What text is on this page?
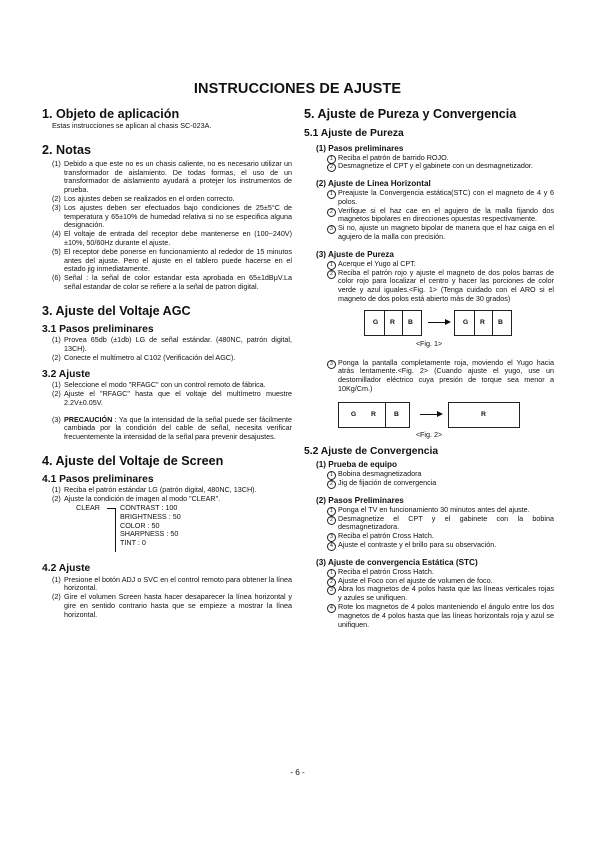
INSTRUCCIONES DE AJUSTE
1. Objeto de aplicación
Estas instrucciones se aplican al chasis SC-023A.
2. Notas
(1) Debido a que este no es un chasis caliente, no es necesario utilizar un transformador de aislamiento. De todas formas, el uso de un transformador de aislamiento ayudará a protejer los instrumentos de prueba.
(2) Los ajustes deben se realizados en el orden correcto.
(3) Los ajustes deben ser efectuados bajo condiciones de 25±5°C de temperatura y 65±10% de humedad relativa si no se especifica alguna designación.
(4) El voltaje de entrada del receptor debe mantenerse en (100~240V)±10%, 50/60Hz durante el ajuste.
(5) El receptor debe ponerse en funcionamiento al rededor de 15 minutos antes del ajuste. Pero el ajuste en el tablero puede hacerse en el estado jig inmediatamente.
(6) Señal : la señal de color estandar esta aprobada en 65±1dBμV.La señal estandar de color se refiere a la señal de patron digital.
3. Ajuste del Voltaje AGC
3.1 Pasos preliminares
(1) Provea 65db (±1db) LG de señal estándar. (480NC, patrón digital, 13CH).
(2) Conecte el multímetro al C102 (Verificación del AGC).
3.2 Ajuste
(1) Seleccione el modo "RFAGC" con un control remoto de fábrica.
(2) Ajuste el "RFAGC" hasta que el voltaje del multímetro muestre 2.2V±0.05V.
(3) PRECAUCIÓN : Ya que la intensidad de la señal puede ser fácilmente cambiada por la condición del cable de señal, necesita verificar frecuentemente la intensidad de la señal para prevenir desajustes.
4. Ajuste del Voltaje de Screen
4.1 Pasos preliminares
(1) Reciba el patrón estándar LG (patrón digital, 480NC, 13CH).
(2) Ajuste la condición de imagen al modo "CLEAR".
CLEAR	CONTRAST : 100
BRIGHTNESS : 50
COLOR : 50
SHARPNESS : 50
TINT : 0
4.2 Ajuste
(1) Presione el botón ADJ o SVC en el control remoto para obtener la línea horizontal.
(2) Gire el volumen Screen hasta hacer desaparecer la línea horizontal y gire en sentido contrario hasta que se empieze a mostrar la línea horizontal.
5. Ajuste de Pureza y Convergencia
5.1 Ajuste de Pureza
(1) Pasos preliminares
1 Reciba el patrón de barrido ROJO.
2 Desmagnetize el CPT y el gabinete con un desmagnetizador.
(2) Ajuste de Línea Horizontal
1 Preajuste la Convergencia estática(STC) con el magneto de 4 y 6 polos.
2 Verifique si el haz cae en el agujero de la malla fijando dos magnetos bipolares en direcciones opuestas respectivamente.
3 Si no, ajuste un magneto bipolar de manera que el haz caiga en el agujero de la malla con precisión.
(3) Ajuste de Pureza
1 Acerque el Yugo al CPT.
2 Reciba el patrón rojo y ajuste el magneto de dos polos barras de color rojo para localizar el centro y hacer las porciones de color verde y azul iguales.<Fig. 1> (Tenga cuidado con el ARO si el magneto de dos polos está abierto más de 30 grados)
G	R	B	G	R	B
<Fig. 1>
3 Ponga la pantalla completamente roja, moviendo el Yugo hacia atrás lentamente.<Fig. 2> (Cuando ajuste el yugo, use un destornillador eléctrico cuya presión de torque sea menor a 10Kg/Cm.)
G	R	B	R
<Fig. 2>
5.2 Ajuste de Convergencia
(1) Prueba de equipo
1 Bobina desmagnetizadora
2 Jig de fijación de convergencia
(2) Pasos Preliminares
1 Ponga el TV en funcionamiento 30 minutos antes del ajuste.
2 Desmagnetize el CPT y el gabinete con la bobina desmagnetizadora.
3 Reciba el patrón Cross Hatch.
4 Ajuste el contraste y el brillo para su observación.
(3) Ajuste de convergencia Estática (STC)
1 Reciba el patrón Cross Hatch.
2 Ajuste el Foco con el ajuste de volumen de foco.
3 Abra los magnetos de 4 polos hasta que las líneas verticales rojas y azules se unifiquen.
4 Rote los magnetos de 4 polos manteniendo el ángulo entre los dos magnetos de 4 polos hasta que las líneas horizontals roja y azul se unifiquen.
- 6 -
